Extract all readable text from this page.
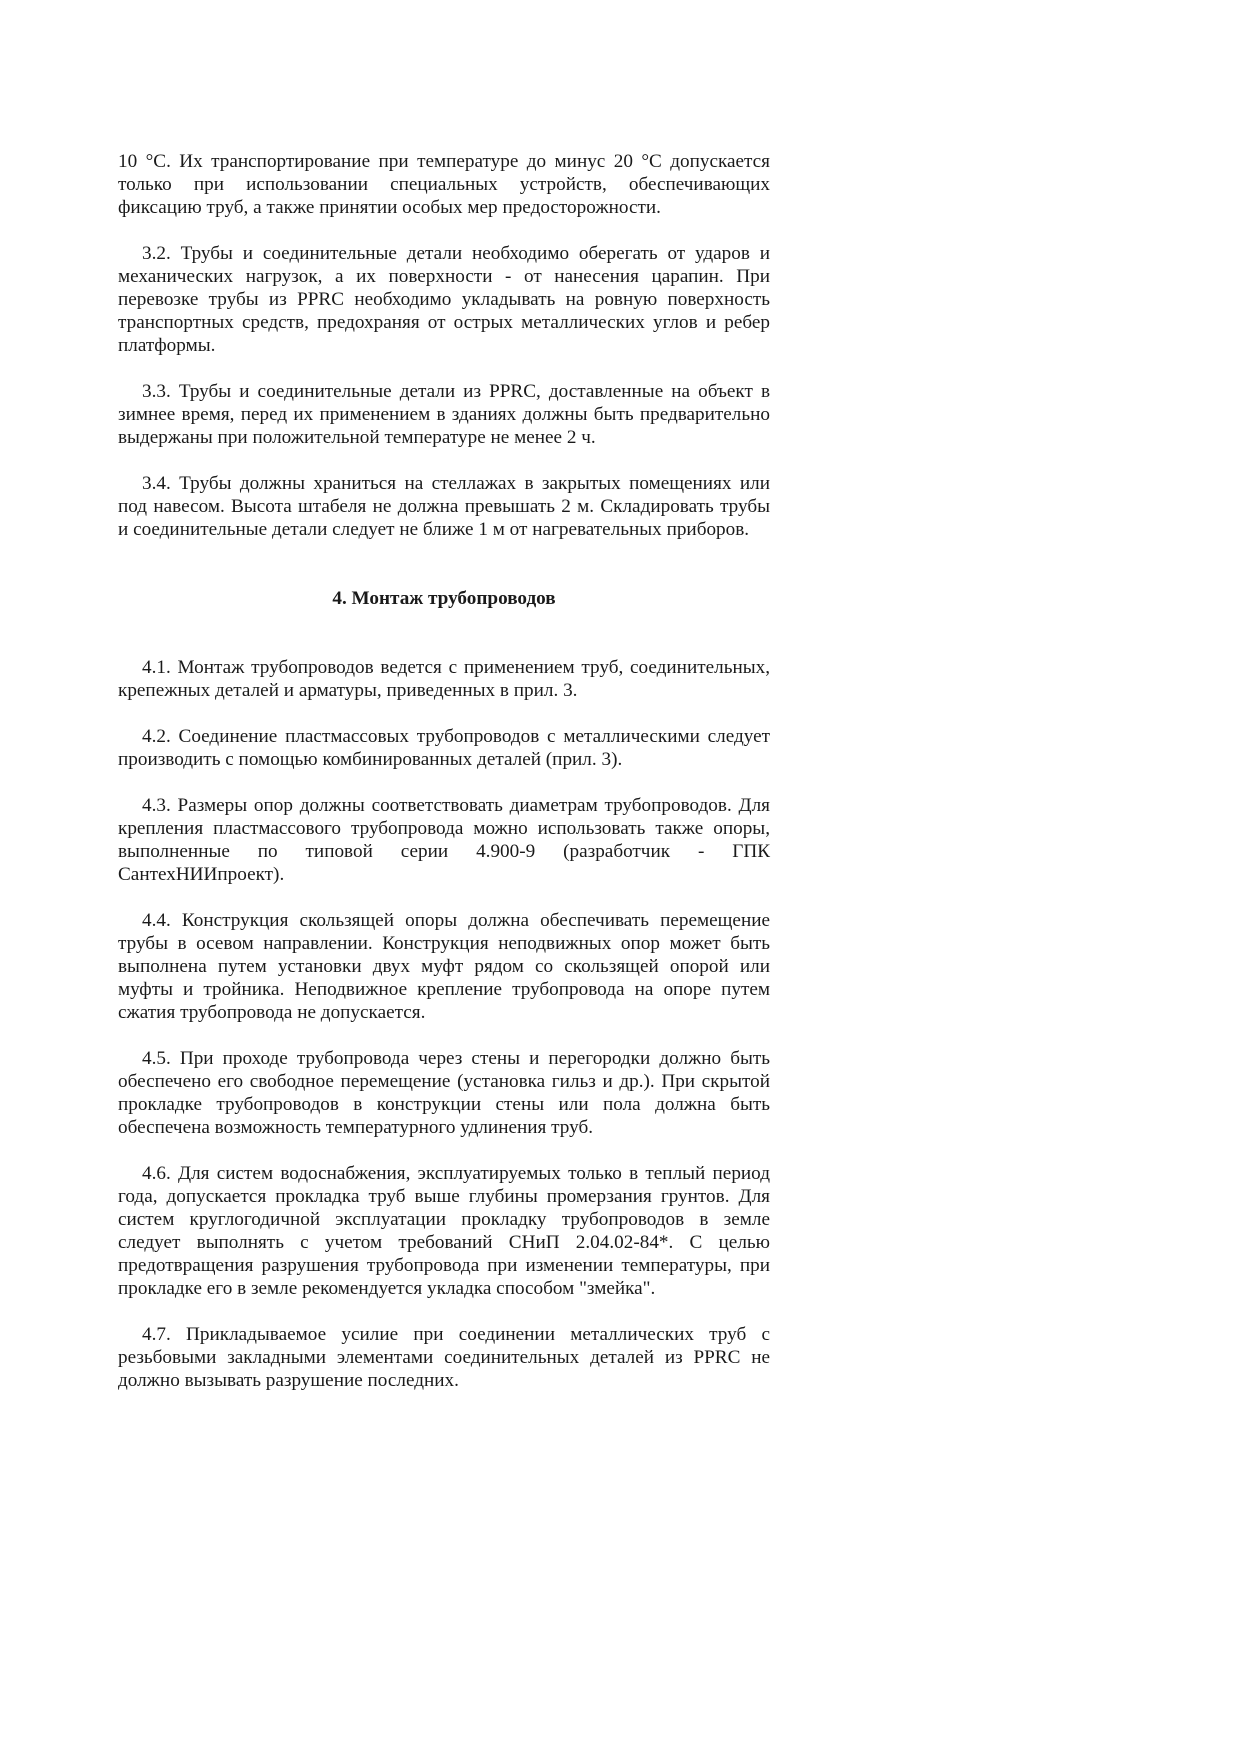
10 °С. Их транспортирование при температуре до минус 20 °С допускается только при использовании специальных устройств, обеспечивающих фиксацию труб, а также принятии особых мер предосторожности.

3.2. Трубы и соединительные детали необходимо оберегать от ударов и механических нагрузок, а их поверхности - от нанесения царапин. При перевозке трубы из PPRC необходимо укладывать на ровную поверхность транспортных средств, предохраняя от острых металлических углов и ребер платформы.

3.3. Трубы и соединительные детали из PPRC, доставленные на объект в зимнее время, перед их применением в зданиях должны быть предварительно выдержаны при положительной температуре не менее 2 ч.

3.4. Трубы должны храниться на стеллажах в закрытых помещениях или под навесом. Высота штабеля не должна превышать 2 м. Складировать трубы и соединительные детали следует не ближе 1 м от нагревательных приборов.

4. Монтаж трубопроводов

4.1. Монтаж трубопроводов ведется с применением труб, соединительных, крепежных деталей и арматуры, приведенных в прил. 3.

4.2. Соединение пластмассовых трубопроводов с металлическими следует производить с помощью комбинированных деталей (прил. 3).

4.3. Размеры опор должны соответствовать диаметрам трубопроводов. Для крепления пластмассового трубопровода можно использовать также опоры, выполненные по типовой серии 4.900-9 (разработчик - ГПК СантехНИИпроект).

4.4. Конструкция скользящей опоры должна обеспечивать перемещение трубы в осевом направлении. Конструкция неподвижных опор может быть выполнена путем установки двух муфт рядом со скользящей опорой или муфты и тройника. Неподвижное крепление трубопровода на опоре путем сжатия трубопровода не допускается.

4.5. При проходе трубопровода через стены и перегородки должно быть обеспечено его свободное перемещение (установка гильз и др.). При скрытой прокладке трубопроводов в конструкции стены или пола должна быть обеспечена возможность температурного удлинения труб.

4.6. Для систем водоснабжения, эксплуатируемых только в теплый период года, допускается прокладка труб выше глубины промерзания грунтов. Для систем круглогодичной эксплуатации прокладку трубопроводов в земле следует выполнять с учетом требований СНиП 2.04.02-84*. С целью предотвращения разрушения трубопровода при изменении температуры, при прокладке его в земле рекомендуется укладка способом "змейка".

4.7. Прикладываемое усилие при соединении металлических труб с резьбовыми закладными элементами соединительных деталей из PPRC не должно вызывать разрушение последних.
